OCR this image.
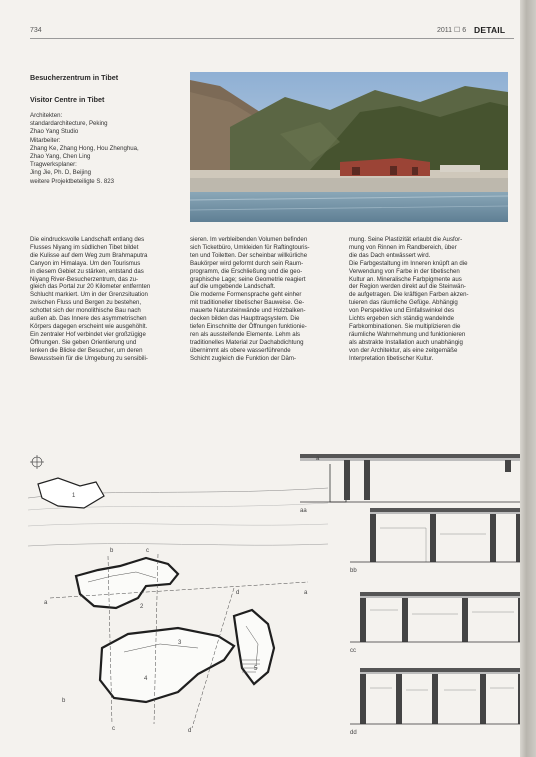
734	2011 ☐ 6 DETAIL
Besucherzentrum in Tibet
Visitor Centre in Tibet
Architekten:
standardarchitecture, Peking
Zhao Yang Studio
Mitarbeiter:
Zhang Ke, Zhang Hong, Hou Zhenghua,
Zhao Yang, Chen Ling
Tragwerksplaner:
Jing Jie, Ph. D, Beijing
weitere Projektbeteiligte S. 823

Die eindrucksvolle Landschaft entlang des

Flusses Niyang im südlichen Tibet bildet

die Kulisse auf dem Weg zum Brahmaputra

Canyon im Himalaya. Um den Tourismus

in diesem Gebiet zu stärken, entstand das

Niyang River-Besucherzentrum, das zu-

gleich das Portal zur 20 Kilometer entfernten

Schlucht markiert. Um in der Grenzsituation

zwischen Fluss und Bergen zu bestehen,

schottet sich der monolithische Bau nach

außen ab. Das Innere des asymmetrischen

Körpers dagegen erscheint wie ausgehöhlt.

Ein zentraler Hof verbindet vier großzügige

Öffnungen. Sie geben Orientierung und

lenken die Blicke der Besucher, um deren

Bewusstsein für die Umgebung zu sensibili-

sieren. Im verbleibenden Volumen befinden

sich Ticketbüro, Umkleiden für Raftingtouris-

ten und Toiletten. Der scheinbar willkürliche

Baukörper wird geformt durch sein Raum-

programm, die Erschließung und die geo-

graphische Lage; seine Geometrie reagiert

auf die umgebende Landschaft.

Die moderne Formensprache geht einher

mit traditioneller tibetischer Bauweise. Ge-

mauerte Natursteinwände und Holzbalken-

decken bilden das Haupttragsystem. Die

tiefen Einschnitte der Öffnungen funktionie-

ren als aussteifende Elemente. Lehm als

traditionelles Material zur Dachabdichtung

übernimmt als obere wasserführende

Schicht zugleich die Funktion der Däm-

mung. Seine Plastizität erlaubt die Ausfor-

mung von Rinnen im Randbereich, über

die das Dach entwässert wird.

Die Farbgestaltung im Inneren knüpft an die

Verwendung von Farbe in der tibetischen

Kultur an. Mineralische Farbpigmente aus

der Region werden direkt auf die Steinwän-

de aufgetragen. Die kräftigen Farben akzen-

tuieren das räumliche Gefüge. Abhängig

von Perspektive und Einfallswinkel des

Lichts ergeben sich ständig wandelnde

Farbkombinationen. Sie multiplizieren die

räumliche Wahrnehmung und funktionieren

als abstrakte Installation auch unabhängig

von der Architektur, als eine zeitgemäße

Interpretation tibetischer Kultur.

1
a
a
b
b
c
c
d
d
2
3
4
5
a
aa
bb
cc
dd
